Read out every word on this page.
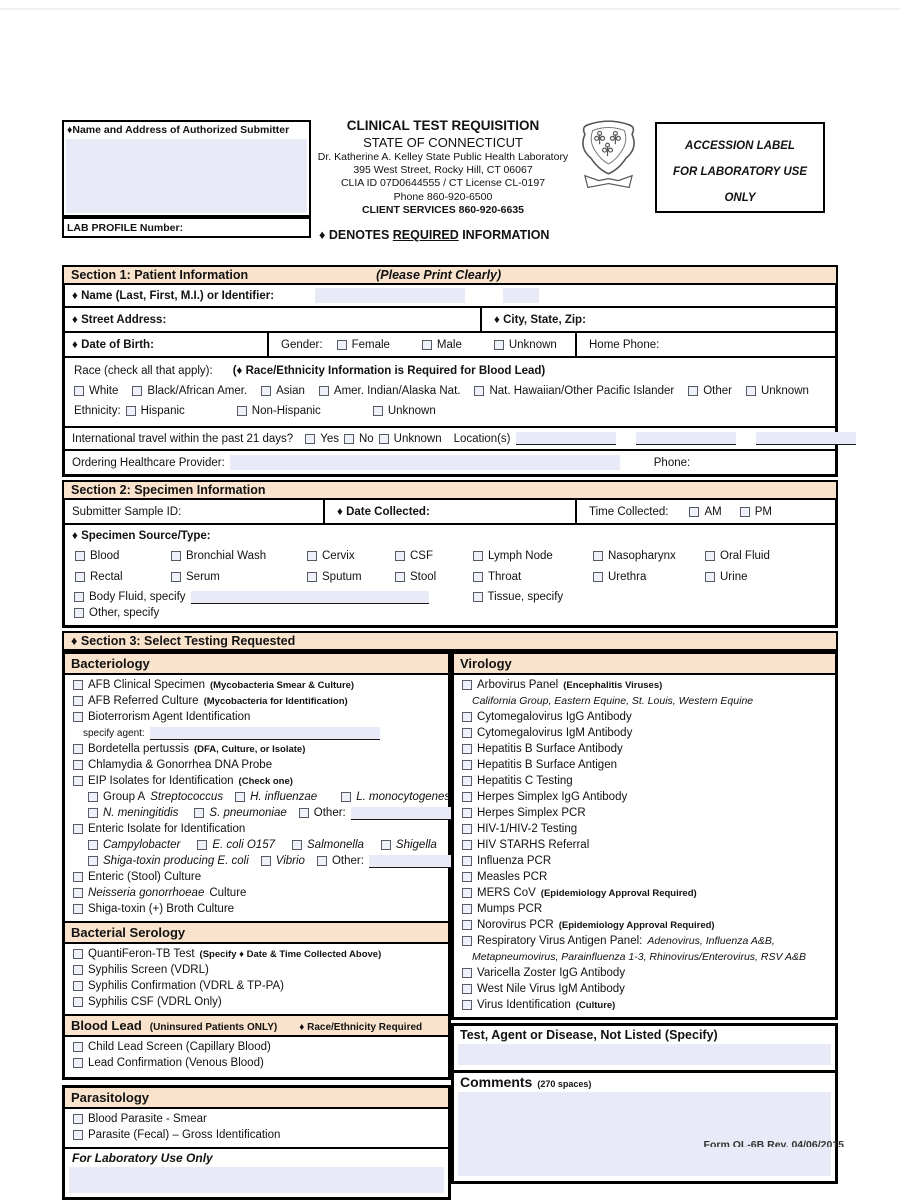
♦Name and Address of Authorized Submitter
LAB PROFILE Number:
CLINICAL TEST REQUISITION
STATE OF CONNECTICUT
Dr. Katherine A. Kelley State Public Health Laboratory
395 West Street, Rocky Hill, CT 06067
CLIA ID 07D0644555 / CT License CL-0197
Phone 860-920-6500
CLIENT SERVICES 860-920-6635
ACCESSION LABEL
FOR LABORATORY USE
ONLY
♦ DENOTES REQUIRED INFORMATION
Section 1: Patient Information	(Please Print Clearly)
♦ Name (Last, First, M.I.) or Identifier:
♦ Street Address:	♦ City, State, Zip:
♦ Date of Birth:	Gender:	Female	Male	Unknown	Home Phone:
Race (check all that apply): (♦ Race/Ethnicity Information is Required for Blood Lead)
White	Black/African Amer.	Asian	Amer. Indian/Alaska Nat.	Nat. Hawaiian/Other Pacific Islander	Other	Unknown
Ethnicity: Hispanic	Non-Hispanic	Unknown
International travel within the past 21 days? Yes No Unknown Location(s)
Ordering Healthcare Provider:	Phone:
Section 2: Specimen Information
Submitter Sample ID:	♦ Date Collected:	Time Collected:	AM	PM
♦ Specimen Source/Type:
Blood	Bronchial Wash	Cervix	CSF	Lymph Node	Nasopharynx	Oral Fluid
Rectal	Serum	Sputum	Stool	Throat	Urethra	Urine
Body Fluid, specify	Tissue, specify
Other, specify
♦ Section 3: Select Testing Requested
Bacteriology
AFB Clinical Specimen (Mycobacteria Smear & Culture)
AFB Referred Culture (Mycobacteria for Identification)
Bioterrorism Agent Identification
specify agent:
Bordetella pertussis (DFA, Culture, or Isolate)
Chlamydia & Gonorrhea DNA Probe
EIP Isolates for Identification (Check one)
Group A Streptococcus H. influenzae	L. monocytogenes
N. meningitidis	S. pneumoniae Other:
Enteric Isolate for Identification
Campylobacter	E. coli O157	Salmonella	Shigella
Shiga-toxin producing E. coli Vibrio Other:
Enteric (Stool) Culture
Neisseria gonorrhoeae Culture
Shiga-toxin (+) Broth Culture
Bacterial Serology
QuantiFeron-TB Test (Specify ♦ Date & Time Collected Above)
Syphilis Screen (VDRL)
Syphilis Confirmation (VDRL & TP-PA)
Syphilis CSF (VDRL Only)
Blood Lead (Uninsured Patients ONLY) ♦ Race/Ethnicity Required
Child Lead Screen (Capillary Blood)
Lead Confirmation (Venous Blood)
Parasitology
Blood Parasite - Smear
Parasite (Fecal) – Gross Identification
For Laboratory Use Only
Virology
Arbovirus Panel (Encephalitis Viruses)
California Group, Eastern Equine, St. Louis, Western Equine
Cytomegalovirus IgG Antibody
Cytomegalovirus IgM Antibody
Hepatitis B Surface Antibody
Hepatitis B Surface Antigen
Hepatitis C Testing
Herpes Simplex IgG Antibody
Herpes Simplex PCR
HIV-1/HIV-2 Testing
HIV STARHS Referral
Influenza PCR
Measles PCR
MERS CoV (Epidemiology Approval Required)
Mumps PCR
Norovirus PCR (Epidemiology Approval Required)
Respiratory Virus Antigen Panel: Adenovirus, Influenza A&B,
Metapneumovirus, Parainfluenza 1-3, Rhinovirus/Enterovirus, RSV A&B
Varicella Zoster IgG Antibody
West Nile Virus IgM Antibody
Virus Identification (Culture)
Test, Agent or Disease, Not Listed (Specify)
Comments (270 spaces)
Form OL-6B Rev. 04/06/2015
